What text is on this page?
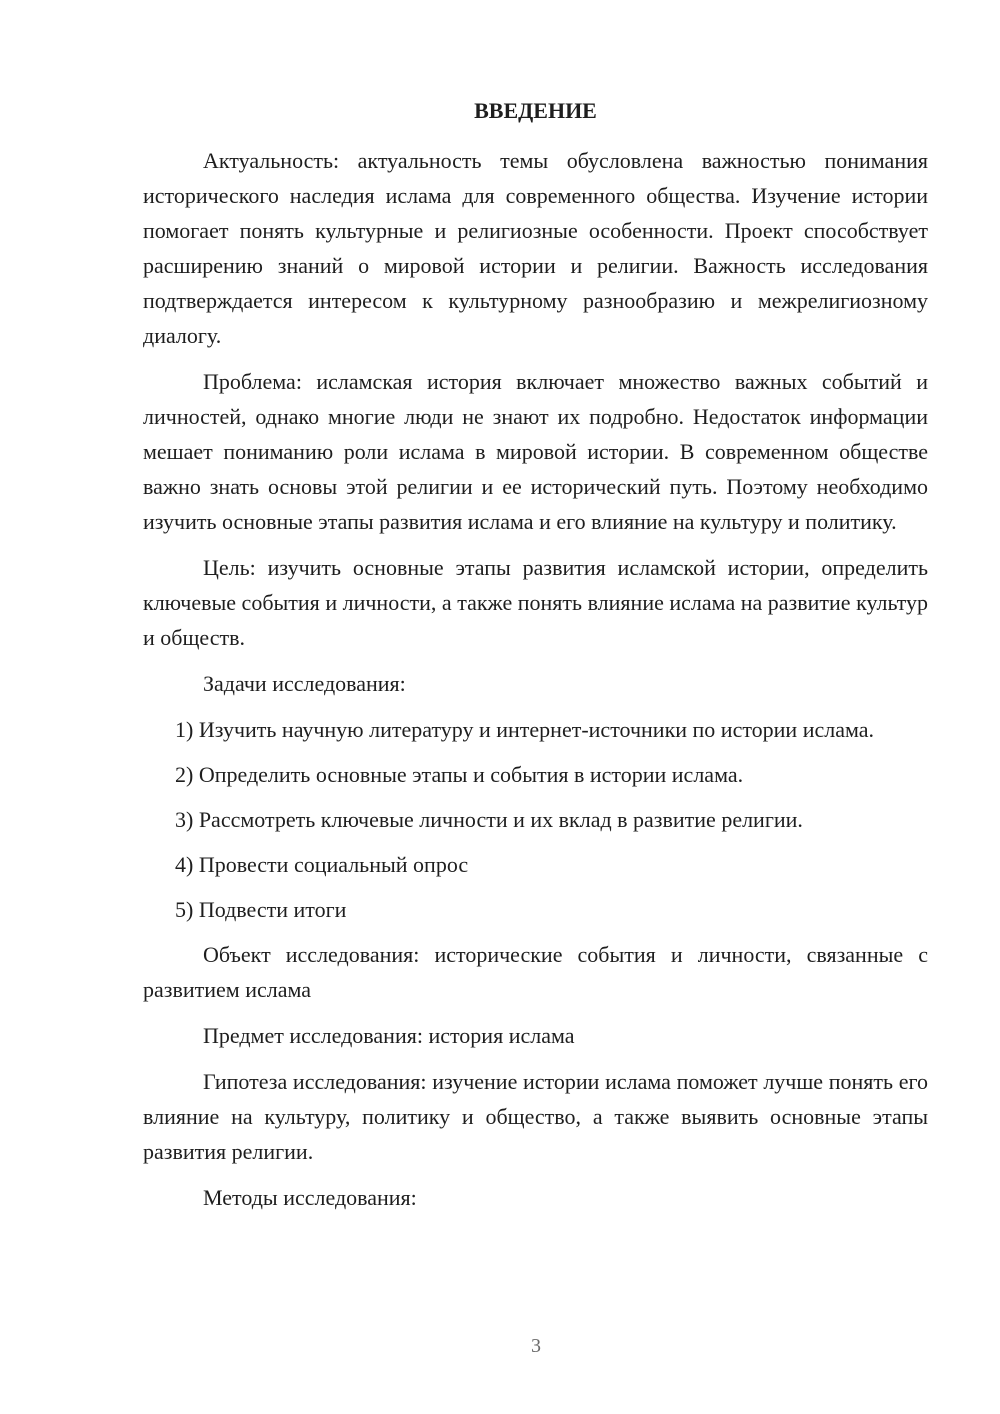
ВВЕДЕНИЕ

Актуальность: актуальность темы обусловлена важностью понимания исторического наследия ислама для современного общества. Изучение истории помогает понять культурные и религиозные особенности. Проект способствует расширению знаний о мировой истории и религии. Важность исследования подтверждается интересом к культурному разнообразию и межрелигиозному диалогу.

Проблема: исламская история включает множество важных событий и личностей, однако многие люди не знают их подробно. Недостаток информации мешает пониманию роли ислама в мировой истории. В современном обществе важно знать основы этой религии и ее исторический путь. Поэтому необходимо изучить основные этапы развития ислама и его влияние на культуру и политику.

Цель: изучить основные этапы развития исламской истории, определить ключевые события и личности, а также понять влияние ислама на развитие культур и обществ.

Задачи исследования:

1) Изучить научную литературу и интернет-источники по истории ислама.

2) Определить основные этапы и события в истории ислама.

3) Рассмотреть ключевые личности и их вклад в развитие религии.

4) Провести социальный опрос

5) Подвести итоги

Объект исследования: исторические события и личности, связанные с развитием ислама

Предмет исследования: история ислама

Гипотеза исследования: изучение истории ислама поможет лучше понять его влияние на культуру, политику и общество, а также выявить основные этапы развития религии.

Методы исследования:

3
